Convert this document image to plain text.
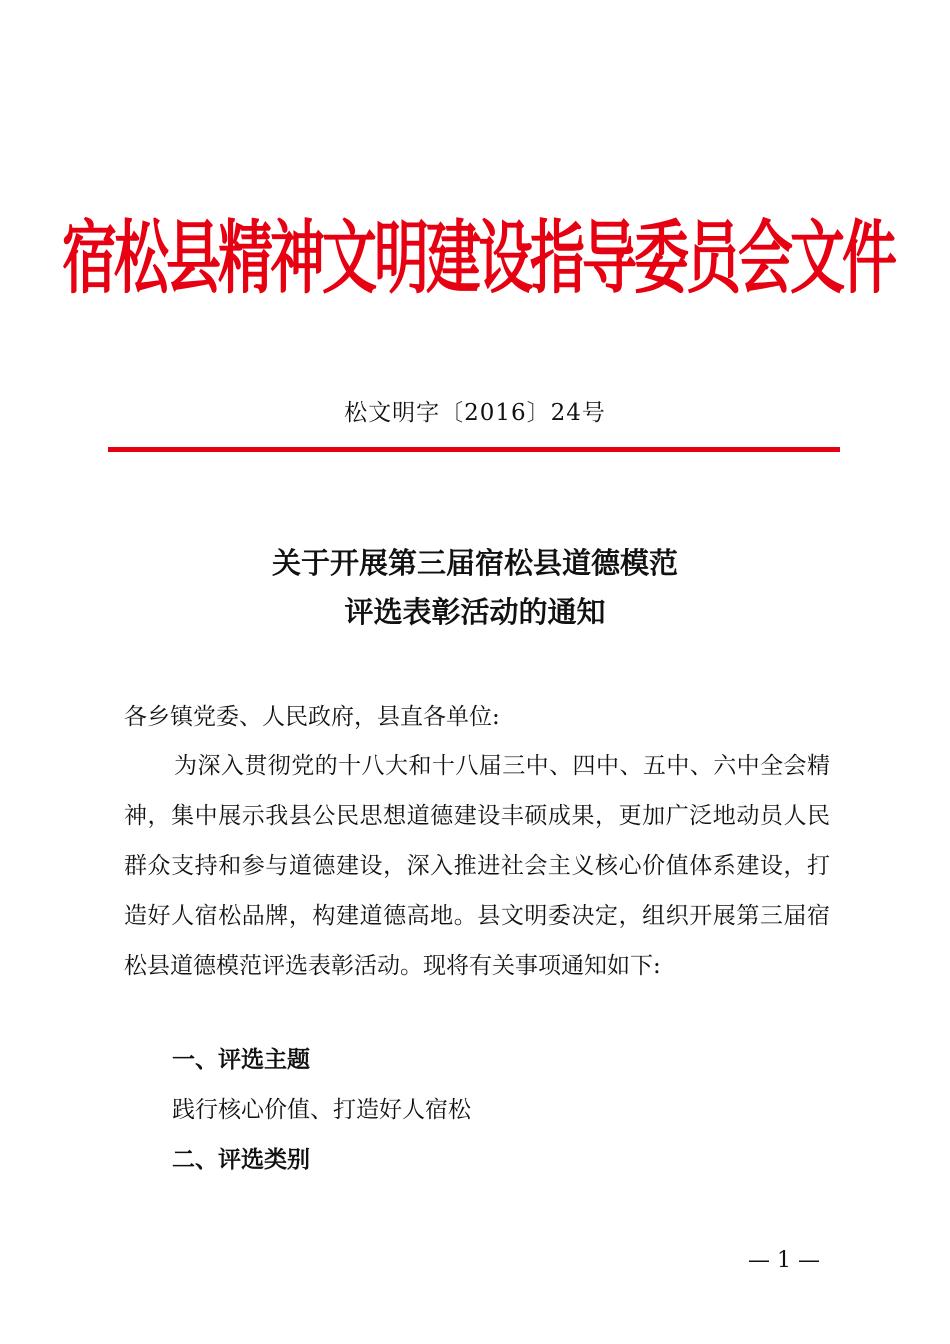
宿松县精神文明建设指导委员会文件
松文明字〔2016〕24号
关于开展第三届宿松县道德模范
评选表彰活动的通知
各乡镇党委、人民政府，县直各单位:
为深入贯彻党的十八大和十八届三中、四中、五中、六中全会精神，集中展示我县公民思想道德建设丰硕成果，更加广泛地动员人民群众支持和参与道德建设，深入推进社会主义核心价值体系建设，打造好人宿松品牌，构建道德高地。县文明委决定，组织开展第三届宿松县道德模范评选表彰活动。现将有关事项通知如下:
一、评选主题
践行核心价值、打造好人宿松
二、评选类别
— 1 —
